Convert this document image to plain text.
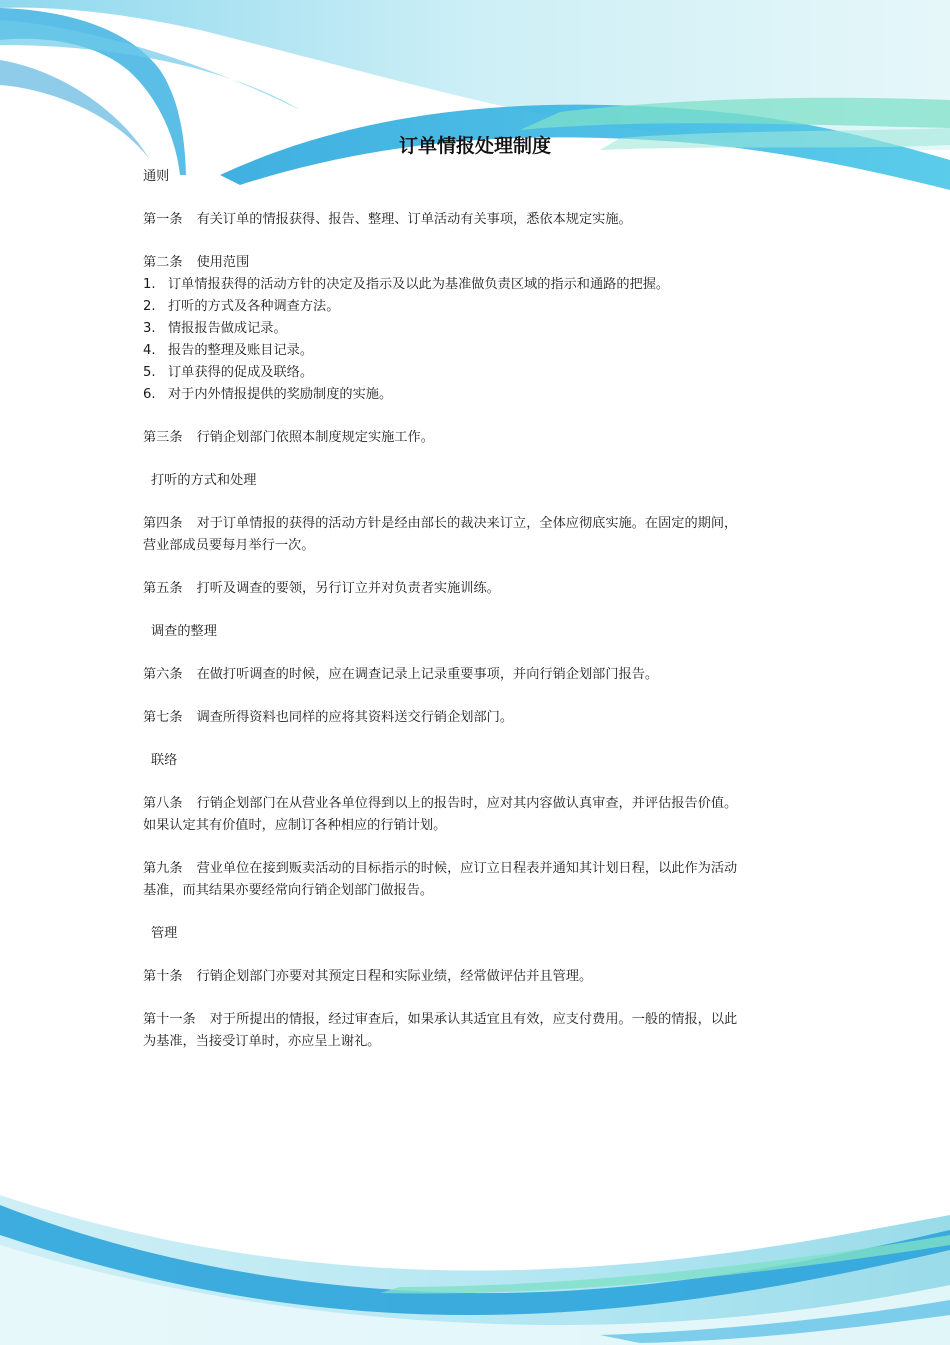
订单情报处理制度

通则

第一条 有关订单的情报获得、报告、整理、订单活动有关事项，悉依本规定实施。

第二条 使用范围

1. 订单情报获得的活动方针的决定及指示及以此为基准做负责区域的指示和通路的把握。
2. 打听的方式及各种调查方法。
3. 情报报告做成记录。
4. 报告的整理及账目记录。
5. 订单获得的促成及联络。
6. 对于内外情报提供的奖励制度的实施。

第三条 行销企划部门依照本制度规定实施工作。

打听的方式和处理

第四条 对于订单情报的获得的活动方针是经由部长的裁决来订立，全体应彻底实施。在固定的期间，营业部成员要每月举行一次。

第五条 打听及调查的要领，另行订立并对负责者实施训练。

调查的整理

第六条 在做打听调查的时候，应在调查记录上记录重要事项，并向行销企划部门报告。

第七条 调查所得资料也同样的应将其资料送交行销企划部门。

联络

第八条 行销企划部门在从营业各单位得到以上的报告时，应对其内容做认真审查，并评估报告价值。如果认定其有价值时，应制订各种相应的行销计划。

第九条 营业单位在接到贩卖活动的目标指示的时候，应订立日程表并通知其计划日程，以此作为活动基准，而其结果亦要经常向行销企划部门做报告。

管理

第十条 行销企划部门亦要对其预定日程和实际业绩，经常做评估并且管理。

第十一条 对于所提出的情报，经过审查后，如果承认其适宜且有效，应支付费用。一般的情报，以此为基准，当接受订单时，亦应呈上谢礼。
